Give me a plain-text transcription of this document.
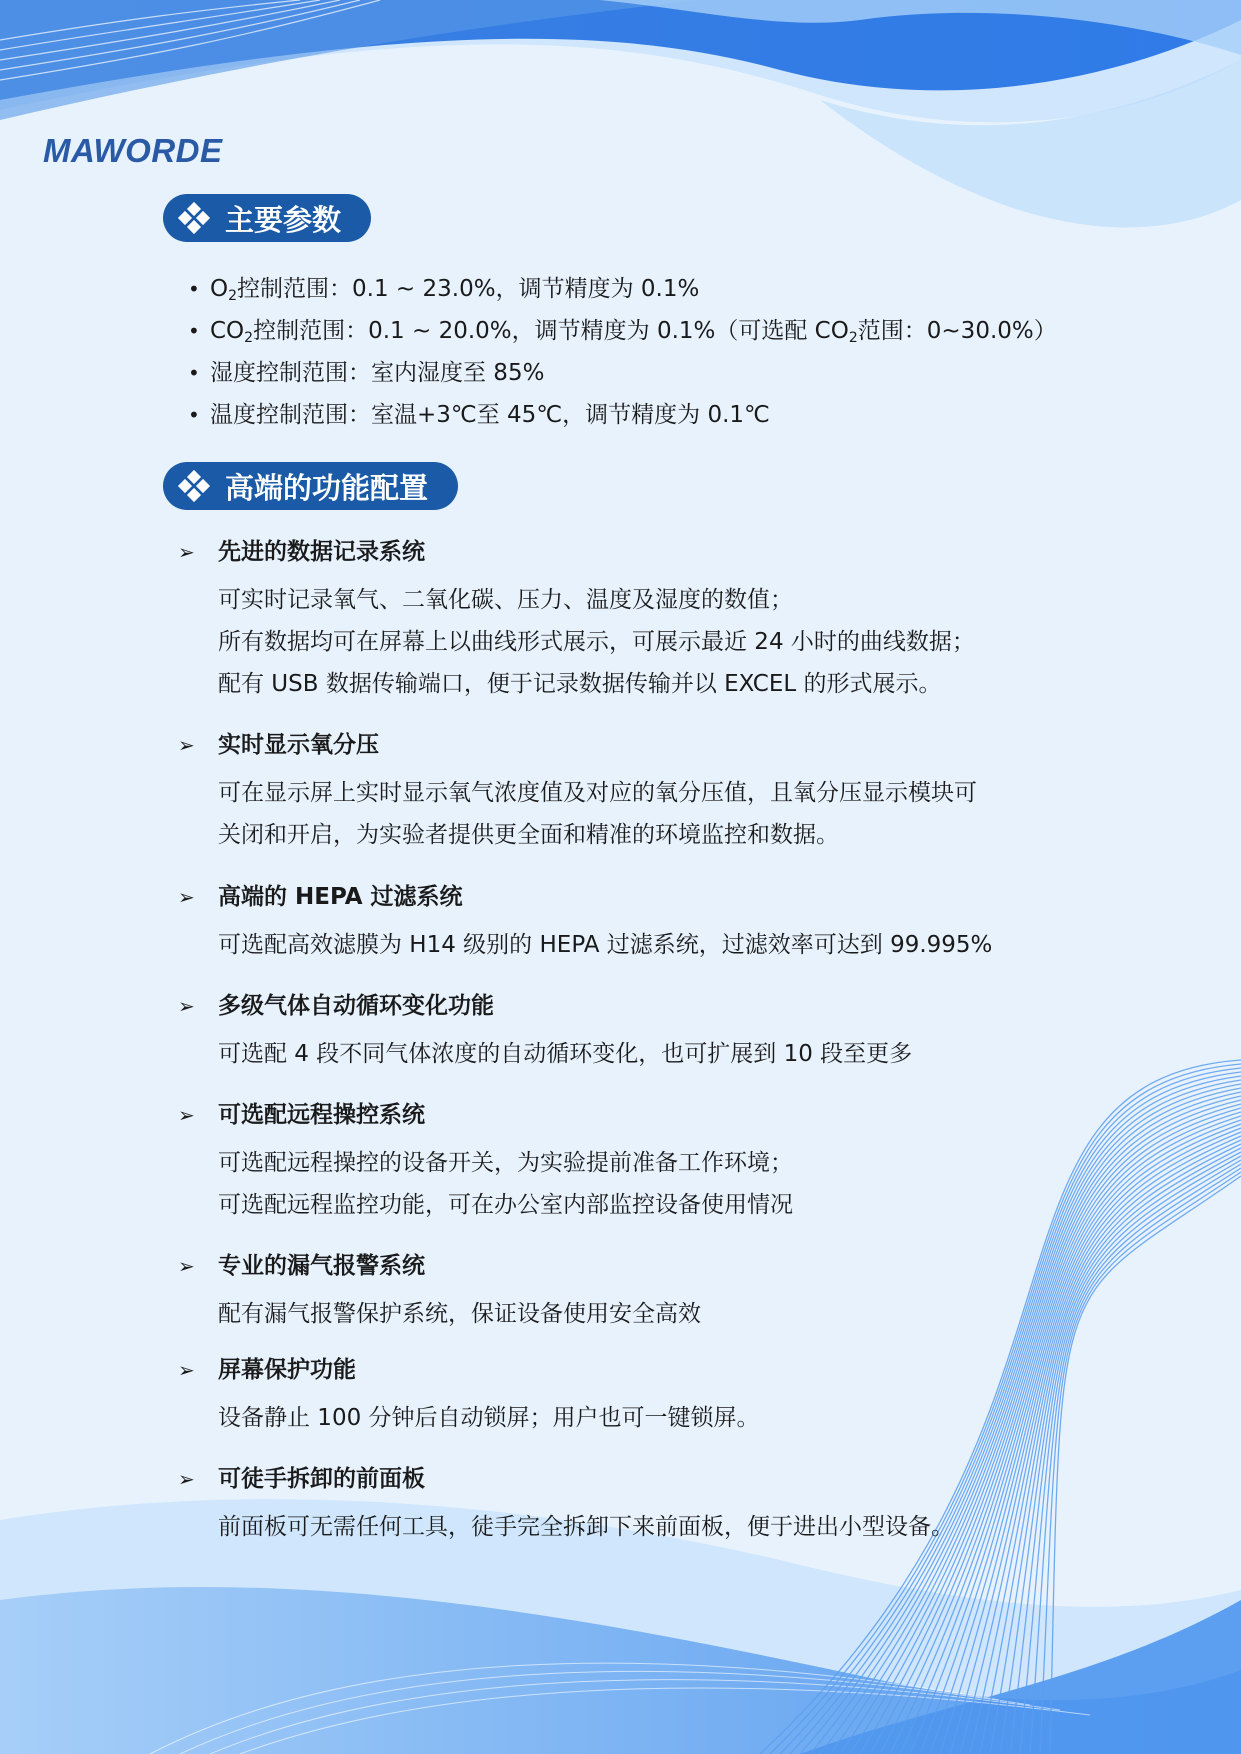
MAWORDE
主要参数
• $O_2$控制范围：0.1 ~ 23.0%，调节精度为 0.1%
• $CO_2$控制范围：0.1 ~ 20.0%，调节精度为 0.1%（可选配 $CO_2$范围：0~30.0%）
• 湿度控制范围：室内湿度至 85%
• 温度控制范围：室温+3℃至 45℃，调节精度为 0.1℃
高端的功能配置
➢ 先进的数据记录系统
可实时记录氧气、二氧化碳、压力、温度及湿度的数值；
所有数据均可在屏幕上以曲线形式展示，可展示最近 24 小时的曲线数据；
配有 USB 数据传输端口，便于记录数据传输并以 EXCEL 的形式展示。
➢ 实时显示氧分压
可在显示屏上实时显示氧气浓度值及对应的氧分压值，且氧分压显示模块可
关闭和开启，为实验者提供更全面和精准的环境监控和数据。
➢ 高端的 HEPA 过滤系统
可选配高效滤膜为 H14 级别的 HEPA 过滤系统，过滤效率可达到 99.995%
➢ 多级气体自动循环变化功能
可选配 4 段不同气体浓度的自动循环变化，也可扩展到 10 段至更多
➢ 可选配远程操控系统
可选配远程操控的设备开关，为实验提前准备工作环境；
可选配远程监控功能，可在办公室内部监控设备使用情况
➢ 专业的漏气报警系统
配有漏气报警保护系统，保证设备使用安全高效
➢ 屏幕保护功能
设备静止 100 分钟后自动锁屏；用户也可一键锁屏。
➢ 可徒手拆卸的前面板
前面板可无需任何工具，徒手完全拆卸下来前面板，便于进出小型设备。
